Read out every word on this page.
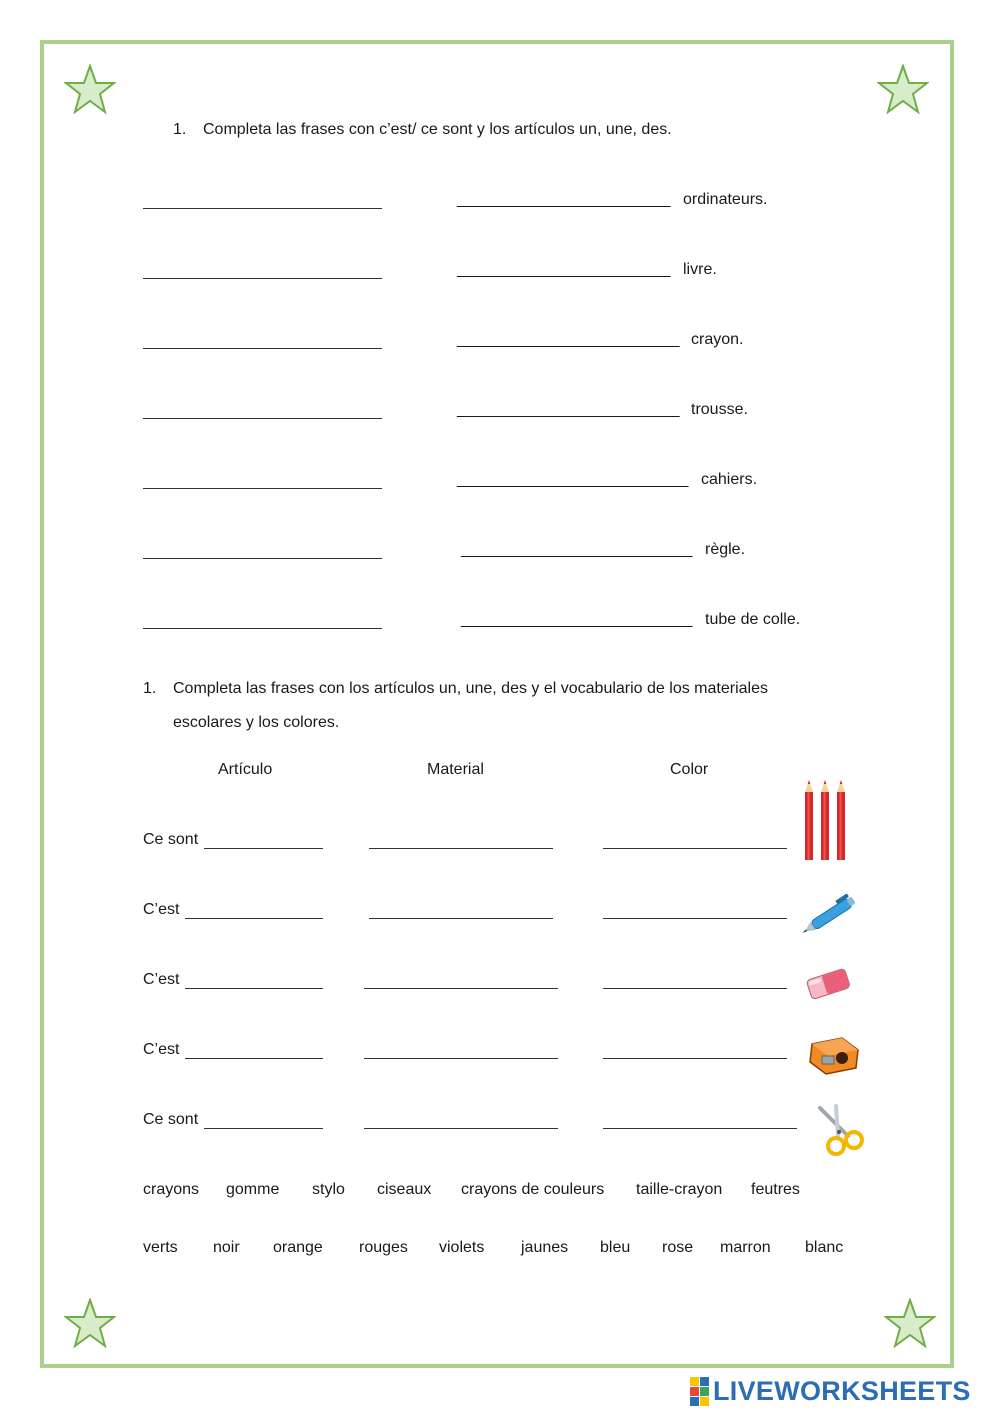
1. Completa las frases con c’est/ ce sont y los artículos un, une, des.
________________________ ordinateurs.
________________________ livre.
_________________________ crayon.
_________________________ trousse.
__________________________ cahiers.
__________________________ règle.
__________________________ tube de colle.
1. Completa las frases con los artículos un, une, des y el vocabulario de los materiales
escolares y los colores.
Artículo	Material	Color
Ce sont
C’est
C’est
C’est
Ce sont
crayons gomme stylo ciseaux crayons de couleurs taille-crayon feutres
verts noir orange rouges violets jaunes bleu rose marron blanc
LIVEWORKSHEETS
